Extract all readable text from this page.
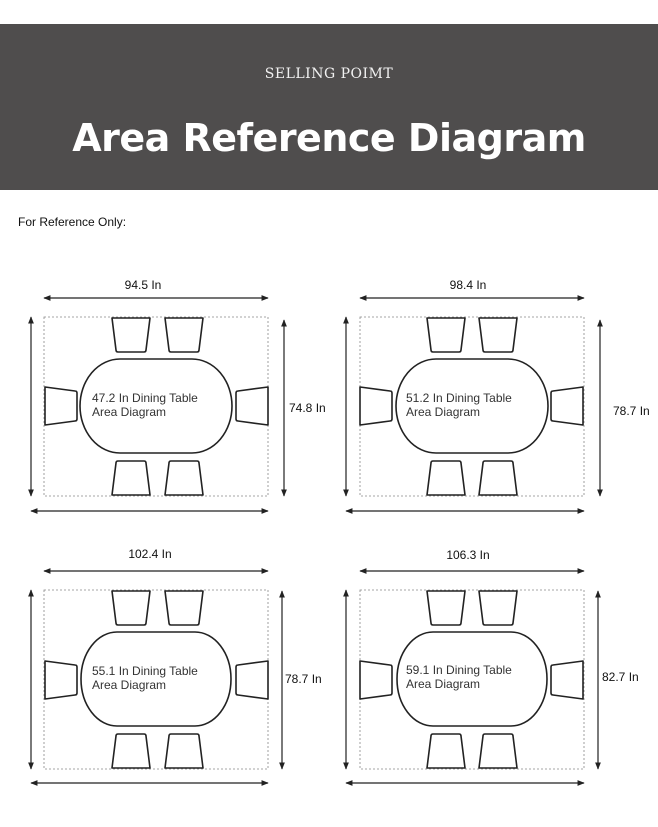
SELLING POIMT
Area Reference Diagram
For Reference Only:
94.5 In
74.8 In
47.2 In Dining Table
Area Diagram
98.4 In
78.7 In
51.2 In Dining Table
Area Diagram
102.4 In
78.7 In
55.1 In Dining Table
Area Diagram
106.3 In
82.7 In
59.1 In Dining Table
Area Diagram
